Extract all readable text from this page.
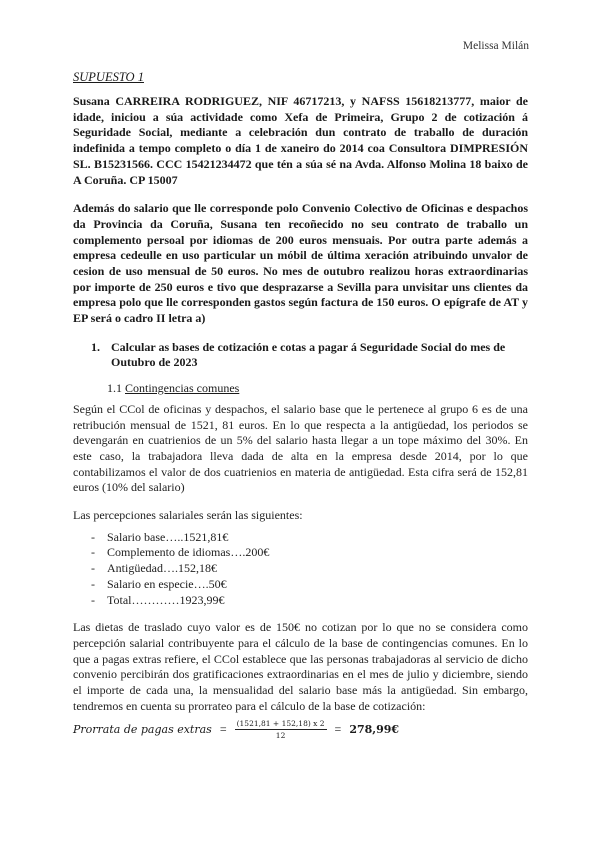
Melissa Milán
SUPUESTO 1

Susana CARREIRA RODRIGUEZ, NIF 46717213, y NAFSS 15618213777, maior de idade, iniciou a súa actividade como Xefa de Primeira, Grupo 2 de cotización á Seguridade Social, mediante a celebración dun contrato de traballo de duración indefinida a tempo completo o día 1 de xaneiro do 2014 coa Consultora DIMPRESIÓN SL. B15231566. CCC 15421234472 que tén a súa sé na Avda. Alfonso Molina 18 baixo de A Coruña. CP 15007

Además do salario que lle corresponde polo Convenio Colectivo de Oficinas e despachos da Provincia da Coruña, Susana ten recoñecido no seu contrato de traballo un complemento persoal por idiomas de 200 euros mensuais. Por outra parte además a empresa cedeulle en uso particular un móbil de última xeración atribuindo unvalor de cesion de uso mensual de 50 euros. No mes de outubro realizou horas extraordinarias por importe de 250 euros e tivo que desprazarse a Sevilla para unvisitar uns clientes da empresa polo que lle corresponden gastos según factura de 150 euros. O epígrafe de AT y EP será o cadro II letra a)

1. Calcular as bases de cotización e cotas a pagar á Seguridade Social do mes de Outubro de 2023
1.1 Contingencias comunes

Según el CCol de oficinas y despachos, el salario base que le pertenece al grupo 6 es de una retribución mensual de 1521, 81 euros. En lo que respecta a la antigüedad, los periodos se devengarán en cuatrienios de un 5% del salario hasta llegar a un tope máximo del 30%. En este caso, la trabajadora lleva dada de alta en la empresa desde 2014, por lo que contabilizamos el valor de dos cuatrienios en materia de antigüedad. Esta cifra será de 152,81 euros (10% del salario)

Las percepciones salariales serán las siguientes:

-	Salario base…..1521,81€
-	Complemento de idiomas….200€
-	Antigüedad….152,18€
-	Salario en especie….50€
-	Total…………1923,99€

Las dietas de traslado cuyo valor es de 150€ no cotizan por lo que no se considera como percepción salarial contribuyente para el cálculo de la base de contingencias comunes. En lo que a pagas extras refiere, el CCol establece que las personas trabajadoras al servicio de dicho convenio percibirán dos gratificaciones extraordinarias en el mes de julio y diciembre, siendo el importe de cada una, la mensualidad del salario base más la antigüedad. Sin embargo, tendremos en cuenta su prorrateo para el cálculo de la base de cotización:

Prorrata de pagas extras = $\frac{(1521,81 + 152,18) x 2}{12}$ = 278,99€
